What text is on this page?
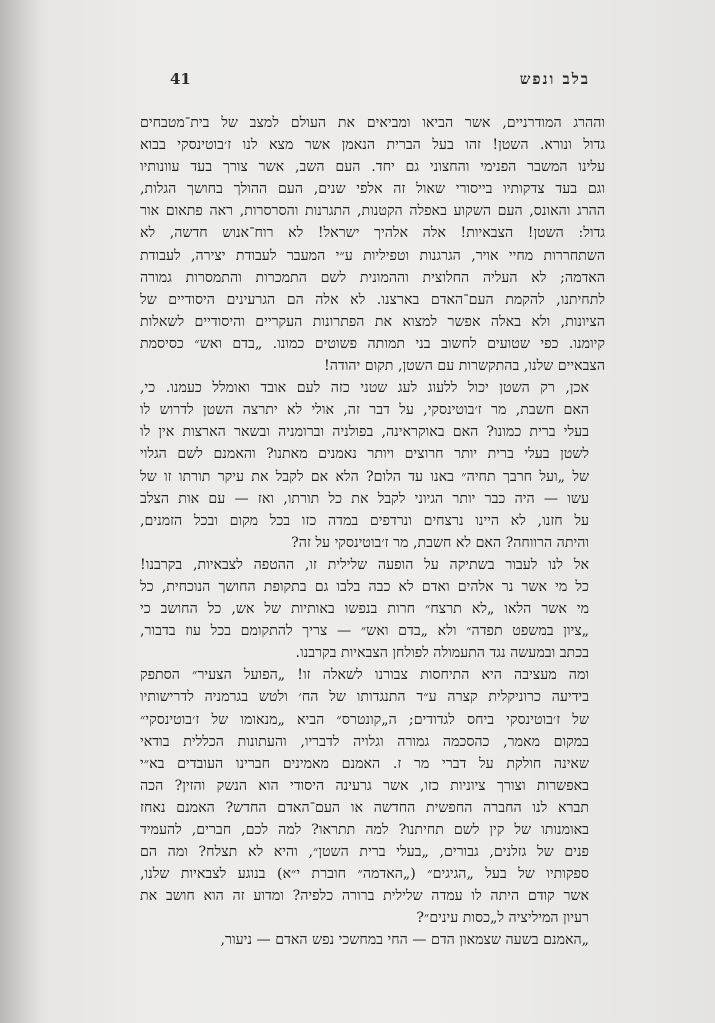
41	בלב ונפש
וההרג המודרניים, אשר הביאו ומביאים את העולם למצב של בית־מטבחים
גדול ונורא. השטן! זהו בעל הברית הנאמן אשר מצא לנו ז׳בוטינסקי בבוא
עלינו המשבר הפנימי והחצוני גם יחד. העם השב, אשר צורך בעד עוונותיו
וגם בעד צדקותיו בייסורי שאול זה אלפי שנים, העם ההולך בחושך הגלות,
ההרג והאונס, העם השקוע באפלה הקטנות, התגרנות והסרסרות, ראה פתאום אור
גדול: השטן! הצבאיות! אלה אלהיך ישראל! לא רוח־אנוש חדשה, לא
השתחררות מחיי אויר, הגרגנות וטפיליות ע״י המעבר לעבודת יצירה, לעבודת
האדמה; לא העליה החלוצית וההמונית לשם התמכרות והתמסרות גמורה
לתחיתנו, להקמת העם־האדם בארצנו. לא אלה הם הגרעינים היסודיים של
הציונות, ולא באלה אפשר למצוא את הפתרונות העקריים והיסודיים לשאלות
קיומנו. כפי שטועים לחשוב בני תמותה פשוטים כמונו. „בדם ואש״ כסיסמת
הצבאיים שלנו, בהתקשרות עם השטן, תקום יהודה!
אכן, רק השטן יכול ללעוג לעג שטני כזה לעם אובד ואומלל כעמנו. כי,
האם חשבת, מר ז׳בוטינסקי, על דבר זה, אולי לא יתרצה השטן לדרוש לו
בעלי ברית כמונו? האם באוקראינה, בפולניה וברומניה ובשאר הארצות אין לו
לשטן בעלי ברית יותר חרוצים ויותר נאמנים מאתנו? והאמנם לשם הגלוי
של „ועל חרבך תחיה״ באנו עד הלום? הלא אם לקבל את עיקר תורתו זו של
עשו — היה כבר יותר הגיוני לקבל את כל תורתו, ואז — עם אות הצלב
על חזנו, לא היינו נרצחים ונרדפים במדה כזו בכל מקום ובכל הזמנים,
והיתה הרווחה? האם לא חשבת, מר ז׳בוטינסקי על זה?
אל לנו לעבור בשתיקה על הופעה שלילית זו, ההטפה לצבאיות, בקרבנו!
כל מי אשר נר אלהים ואדם לא כבה בלבו גם בתקופת החושך הנוכחית, כל
מי אשר הלאו „לא תרצח״ חרות בנפשו באותיות של אש, כל החושב כי
„ציון במשפט תפדה״ ולא „בדם ואש״ — צריך להתקומם בכל עוז בדבור,
בכתב ובמעשה נגד התעמולה לפולחן הצבאיות בקרבנו.
ומה מעציבה היא התיחסות צבורנו לשאלה זו! „הפועל הצעיר״ הסתפק
בידיעה כרוניקלית קצרה ע״ד התנגדותו של הח׳ ולטש בגרמניה לדרישותיו
של ז׳בוטינסקי ביחס לגדודים; ה„קונטרס״ הביא „מנאומו של ז׳בוטינסקי״
במקום מאמר, כהסכמה גמורה וגלויה לדבריו, והעתונות הכללית בודאי
שאינה חולקת על דברי מר ז. האמנם מאמינים חברינו העובדים בא״י
באפשרות וצורך ציוניות כזו, אשר גרעינה היסודי הוא הנשק והזין? הכה
תברא לנו החברה החפשית החדשה או העם־האדם החדש? האמנם נאחז
באומנותו של קין לשם תחיתנו? למה תתראו? למה לכם, חברים, להעמיד
פנים של גזלנים, גבורים, „בעלי ברית השטן״, והיא לא תצלח? ומה הם
ספקותיו של בעל „הגיגים״ („האדמה״ חוברת י״א) בנוגע לצבאיות שלנו,
אשר קודם היתה לו עמדה שלילית ברורה כלפיה? ומדוע זה הוא חושב את
רעיון המיליציה ל„כסות עינים״?
„האמנם בשעה שצמאון הדם — החי במחשכי נפש האדם — ניעור,
